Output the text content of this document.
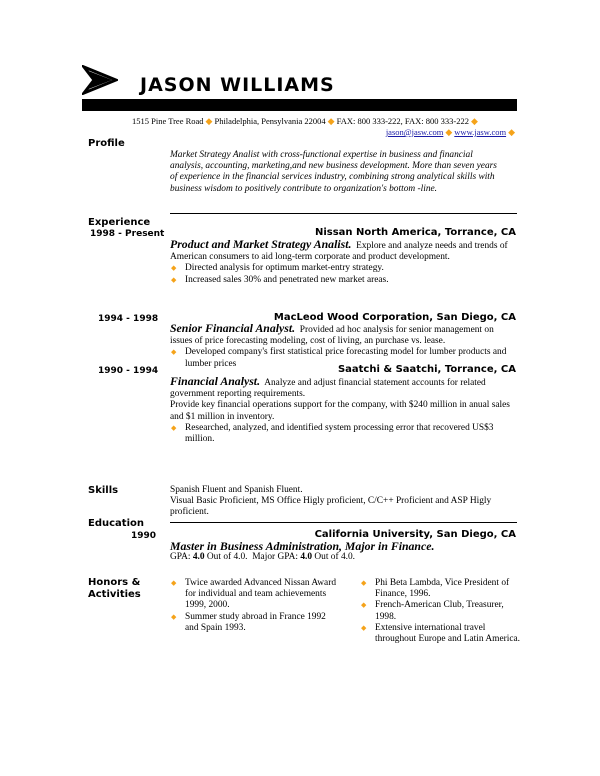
JASON WILLIAMS
1515 Pine Tree Road ◆ Philadelphia, Pensylvania 22004 ◆ FAX: 800 333-222, FAX: 800 333-222 ◆
jason@jasw.com ◆ www.jasw.com ◆
Profile
Market Strategy Analist with cross-functional expertise in business and financial analysis, accounting, marketing,and new business development. More than seven years of experience in the financial services industry, combining strong analytical skills with business wisdom to positively contribute to organization's bottom -line.
Experience
1998 - Present	Nissan North America, Torrance, CA
Product and Market Strategy Analist. Explore and analyze needs and trends of American consumers to aid long-term corporate and product development.
◆ Directed analysis for optimum market-entry strategy.
◆ Increased sales 30% and penetrated new market areas.
1994 - 1998	MacLeod Wood Corporation, San Diego, CA
Senior Financial Analyst. Provided ad hoc analysis for senior management on issues of price forecasting modeling, cost of living, an purchase vs. lease.
◆ Developed company's first statistical price forecasting model for lumber products and lumber prices
1990 - 1994	Saatchi & Saatchi, Torrance, CA
Financial Analyst. Analyze and adjust financial statement accounts for related government reporting requirements.
Provide key financial operations support for the company, with $240 million in anual sales and $1 million in inventory.
◆ Researched, analyzed, and identified system processing error that recovered US$3 million.
Skills	Spanish Fluent and Spanish Fluent.
Visual Basic Proficient, MS Office Higly proficient, C/C++ Proficient and ASP Higly proficient.
Education
1990	California University, San Diego, CA
Master in Business Administration, Major in Finance.
GPA: 4.0 Out of 4.0. Major GPA: 4.0 Out of 4.0.
Honors &
Activities
◆ Twice awarded Advanced Nissan Award for individual and team achievements 1999, 2000.
◆ Summer study abroad in France 1992 and Spain 1993.
◆ Phi Beta Lambda, Vice President of Finance, 1996.
◆ French-American Club, Treasurer, 1998.
◆ Extensive international travel throughout Europe and Latin America.
